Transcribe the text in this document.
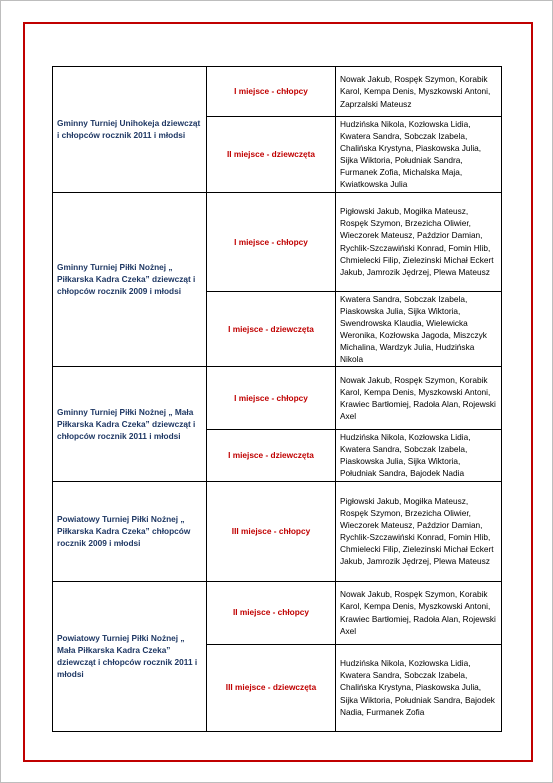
Gminny Turniej Unihokeja dziewcząt i chłopców rocznik 2011 i młodsi	I miejsce - chłopcy	Nowak Jakub, Rospęk Szymon, Korabik Karol, Kempa Denis, Myszkowski Antoni, Zaprzalski Mateusz
	II miejsce - dziewczęta	Hudzińska Nikola, Kozłowska Lidia, Kwatera Sandra, Sobczak Izabela, Chalińska Krystyna, Piaskowska Julia, Sijka Wiktoria, Południak Sandra, Furmanek Zofia, Michalska Maja, Kwiatkowska Julia
Gminny Turniej Piłki Nożnej „ Piłkarska Kadra Czeka” dziewcząt i chłopców rocznik 2009 i młodsi	I miejsce - chłopcy	Pigłowski Jakub, Mogiłka Mateusz, Rospęk Szymon, Brzezicha Oliwier, Wieczorek Mateusz, Paździor Damian, Rychlik-Szczawiński Konrad, Fomin Hlib, Chmielecki Filip, Zielezinski Michał Eckert Jakub, Jamrozik Jędrzej, Plewa Mateusz
	I miejsce - dziewczęta	Kwatera Sandra, Sobczak Izabela, Piaskowska Julia, Sijka Wiktoria, Swendrowska Klaudia, Wielewicka Weronika, Kozłowska Jagoda, Miszczyk Michalina, Wardzyk Julia, Hudzińska Nikola
Gminny Turniej Piłki Nożnej „ Mała Piłkarska Kadra Czeka” dziewcząt i chłopców rocznik 2011 i młodsi	I miejsce - chłopcy	Nowak Jakub, Rospęk Szymon, Korabik Karol, Kempa Denis, Myszkowski Antoni, Krawiec Bartłomiej, Radoła Alan, Rojewski Axel
	I miejsce - dziewczęta	Hudzińska Nikola, Kozłowska Lidia, Kwatera Sandra, Sobczak Izabela, Piaskowska Julia, Sijka Wiktoria, Południak Sandra, Bajodek Nadia
Powiatowy Turniej Piłki Nożnej „ Piłkarska Kadra Czeka” chłopców rocznik 2009 i młodsi	III miejsce - chłopcy	Pigłowski Jakub, Mogiłka Mateusz, Rospęk Szymon, Brzezicha Oliwier, Wieczorek Mateusz, Paździor Damian, Rychlik-Szczawiński Konrad, Fomin Hlib, Chmielecki Filip, Zielezinski Michał Eckert Jakub, Jamrozik Jędrzej, Plewa Mateusz
Powiatowy Turniej Piłki Nożnej „ Mała Piłkarska Kadra Czeka” dziewcząt i chłopców rocznik 2011 i młodsi	II miejsce - chłopcy	Nowak Jakub, Rospęk Szymon, Korabik Karol, Kempa Denis, Myszkowski Antoni, Krawiec Bartłomiej, Radoła Alan, Rojewski Axel
	III miejsce - dziewczęta	Hudzińska Nikola, Kozłowska Lidia, Kwatera Sandra, Sobczak Izabela, Chalińska Krystyna, Piaskowska Julia, Sijka Wiktoria, Południak Sandra, Bajodek Nadia, Furmanek Zofia
